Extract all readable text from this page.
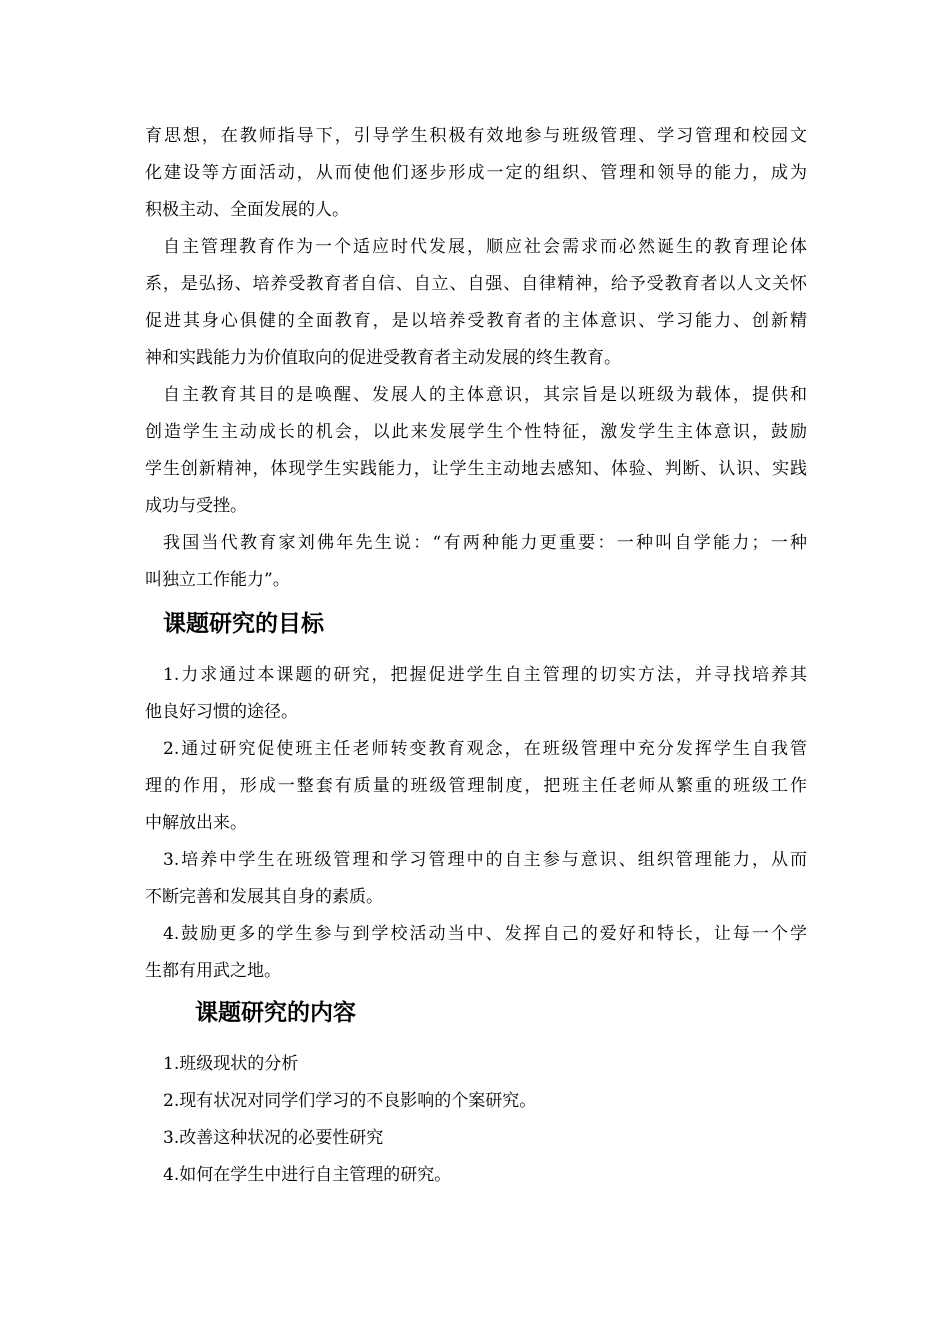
育思想，在教师指导下，引导学生积极有效地参与班级管理、学习管理和校园文
化建设等方面活动，从而使他们逐步形成一定的组织、管理和领导的能力，成为
积极主动、全面发展的人。
自主管理教育作为一个适应时代发展，顺应社会需求而必然诞生的教育理论体
系，是弘扬、培养受教育者自信、自立、自强、自律精神，给予受教育者以人文关怀
促进其身心俱健的全面教育，是以培养受教育者的主体意识、学习能力、创新精
神和实践能力为价值取向的促进受教育者主动发展的终生教育。
自主教育其目的是唤醒、发展人的主体意识，其宗旨是以班级为载体，提供和
创造学生主动成长的机会，以此来发展学生个性特征，激发学生主体意识，鼓励
学生创新精神，体现学生实践能力，让学生主动地去感知、体验、判断、认识、实践
成功与受挫。
我国当代教育家刘佛年先生说：“有两种能力更重要：一种叫自学能力；一种
叫独立工作能力”。
课题研究的目标
1.力求通过本课题的研究，把握促进学生自主管理的切实方法，并寻找培养其
他良好习惯的途径。
2.通过研究促使班主任老师转变教育观念，在班级管理中充分发挥学生自我管
理的作用，形成一整套有质量的班级管理制度，把班主任老师从繁重的班级工作
中解放出来。
3.培养中学生在班级管理和学习管理中的自主参与意识、组织管理能力，从而
不断完善和发展其自身的素质。
4.鼓励更多的学生参与到学校活动当中、发挥自己的爱好和特长，让每一个学
生都有用武之地。
课题研究的内容
1.班级现状的分析
2.现有状况对同学们学习的不良影响的个案研究。
3.改善这种状况的必要性研究
4.如何在学生中进行自主管理的研究。
